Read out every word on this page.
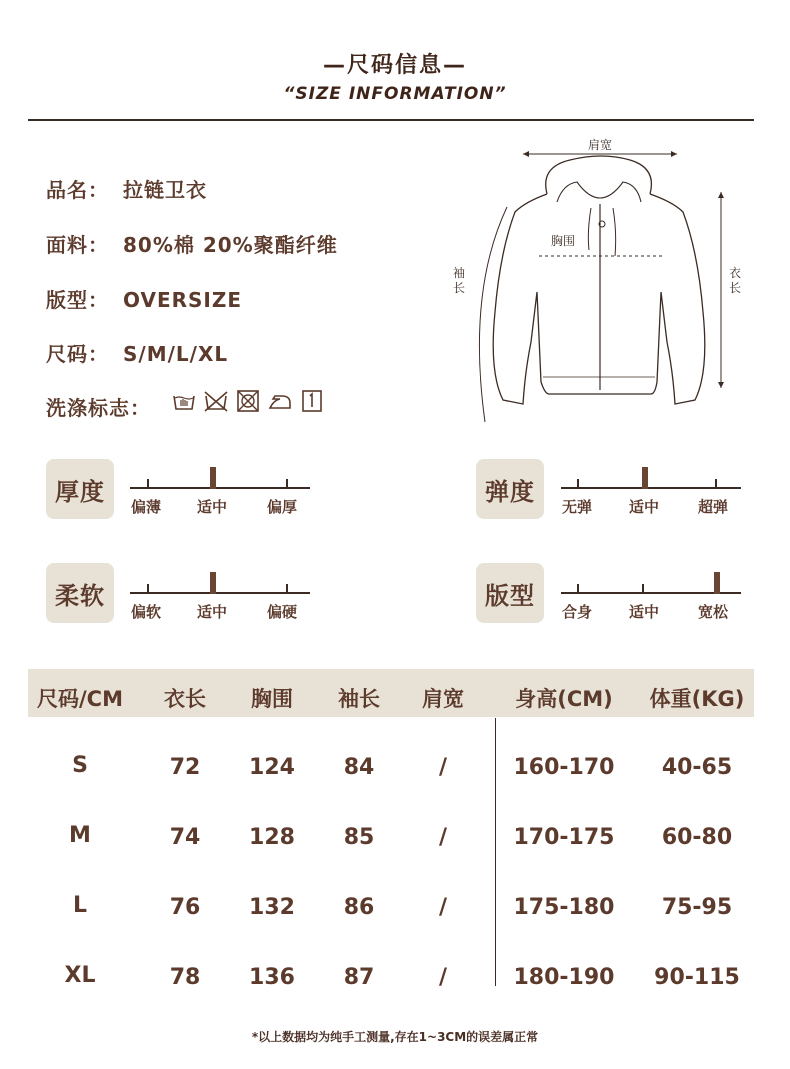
—尺码信息—
“SIZE INFORMATION”
品名： 拉链卫衣
面料： 80%棉 20%聚酯纤维
版型： OVERSIZE
尺码： S/M/L/XL
洗涤标志：
肩宽
胸围
袖长
衣长
厚度
偏薄 适中	偏厚
弹度
无弹 适中	超弹
柔软
偏软 适中	偏硬
版型
合身 适中	宽松
尺码/CM	衣长	胸围	袖长	肩宽	身高(CM)	体重(KG)
S	72	124	84	/	160-170	40-65
M	74	128	85	/	170-175	60-80
L	76	132	86	/	175-180	75-95
XL	78	136	87	/	180-190	90-115
*以上数据均为纯手工测量,存在1~3CM的误差属正常
